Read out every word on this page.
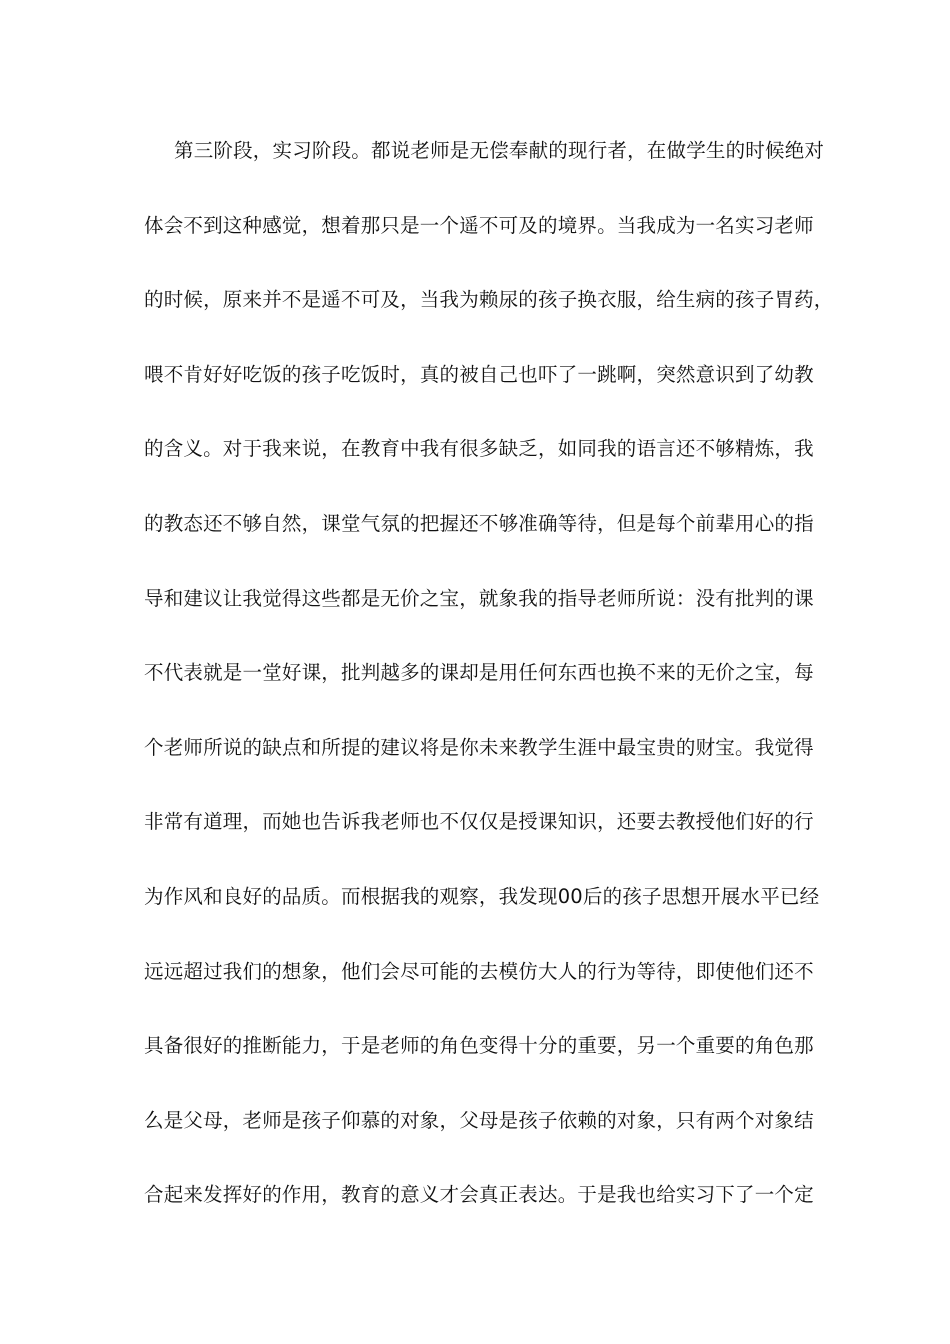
第三阶段，实习阶段。都说老师是无偿奉献的现行者，在做学生的时候绝对
体会不到这种感觉，想着那只是一个遥不可及的境界。当我成为一名实习老师
的时候，原来并不是遥不可及，当我为赖尿的孩子换衣服，给生病的孩子胃药，
喂不肯好好吃饭的孩子吃饭时，真的被自己也吓了一跳啊，突然意识到了幼教
的含义。对于我来说，在教育中我有很多缺乏，如同我的语言还不够精炼，我
的教态还不够自然，课堂气氛的把握还不够准确等待，但是每个前辈用心的指
导和建议让我觉得这些都是无价之宝，就象我的指导老师所说：没有批判的课
不代表就是一堂好课，批判越多的课却是用任何东西也换不来的无价之宝，每
个老师所说的缺点和所提的建议将是你未来教学生涯中最宝贵的财宝。我觉得
非常有道理，而她也告诉我老师也不仅仅是授课知识，还要去教授他们好的行
为作风和良好的品质。而根据我的观察，我发现00后的孩子思想开展水平已经
远远超过我们的想象，他们会尽可能的去模仿大人的行为等待，即使他们还不
具备很好的推断能力，于是老师的角色变得十分的重要，另一个重要的角色那
么是父母，老师是孩子仰慕的对象，父母是孩子依赖的对象，只有两个对象结
合起来发挥好的作用，教育的意义才会真正表达。于是我也给实习下了一个定
